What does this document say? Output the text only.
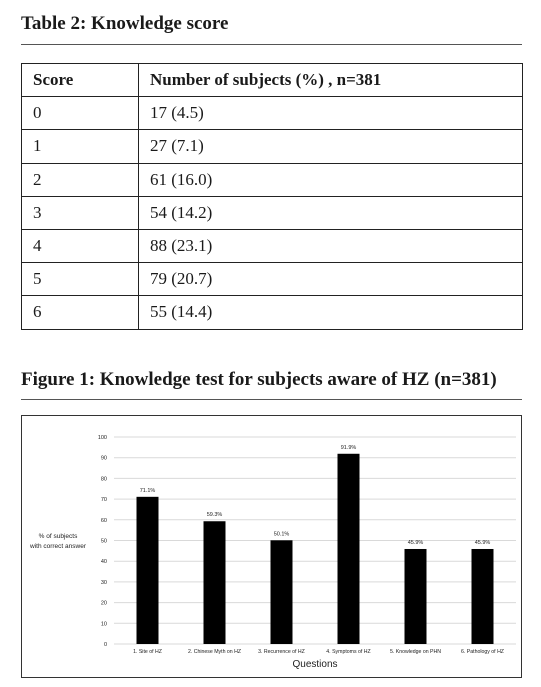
Table 2: Knowledge score
Score	Number of subjects (%) , n=381
0	17 (4.5)
1	27 (7.1)
2	61 (16.0)
3	54 (14.2)
4	88 (23.1)
5	79 (20.7)
6	55 (14.4)
Figure 1: Knowledge test for subjects aware of HZ (n=381)
0
10
20
30
40
50
60
70
80
90
100
71.1%
1. Site of HZ
59.3%
2. Chinese Myth on HZ
50.1%
3. Recurrence of HZ
91.9%
4. Symptoms of HZ
45.9%
5. Knowledge on PHN
45.9%
6. Pathology of HZ
Questions
% of subjects
with correct answer
